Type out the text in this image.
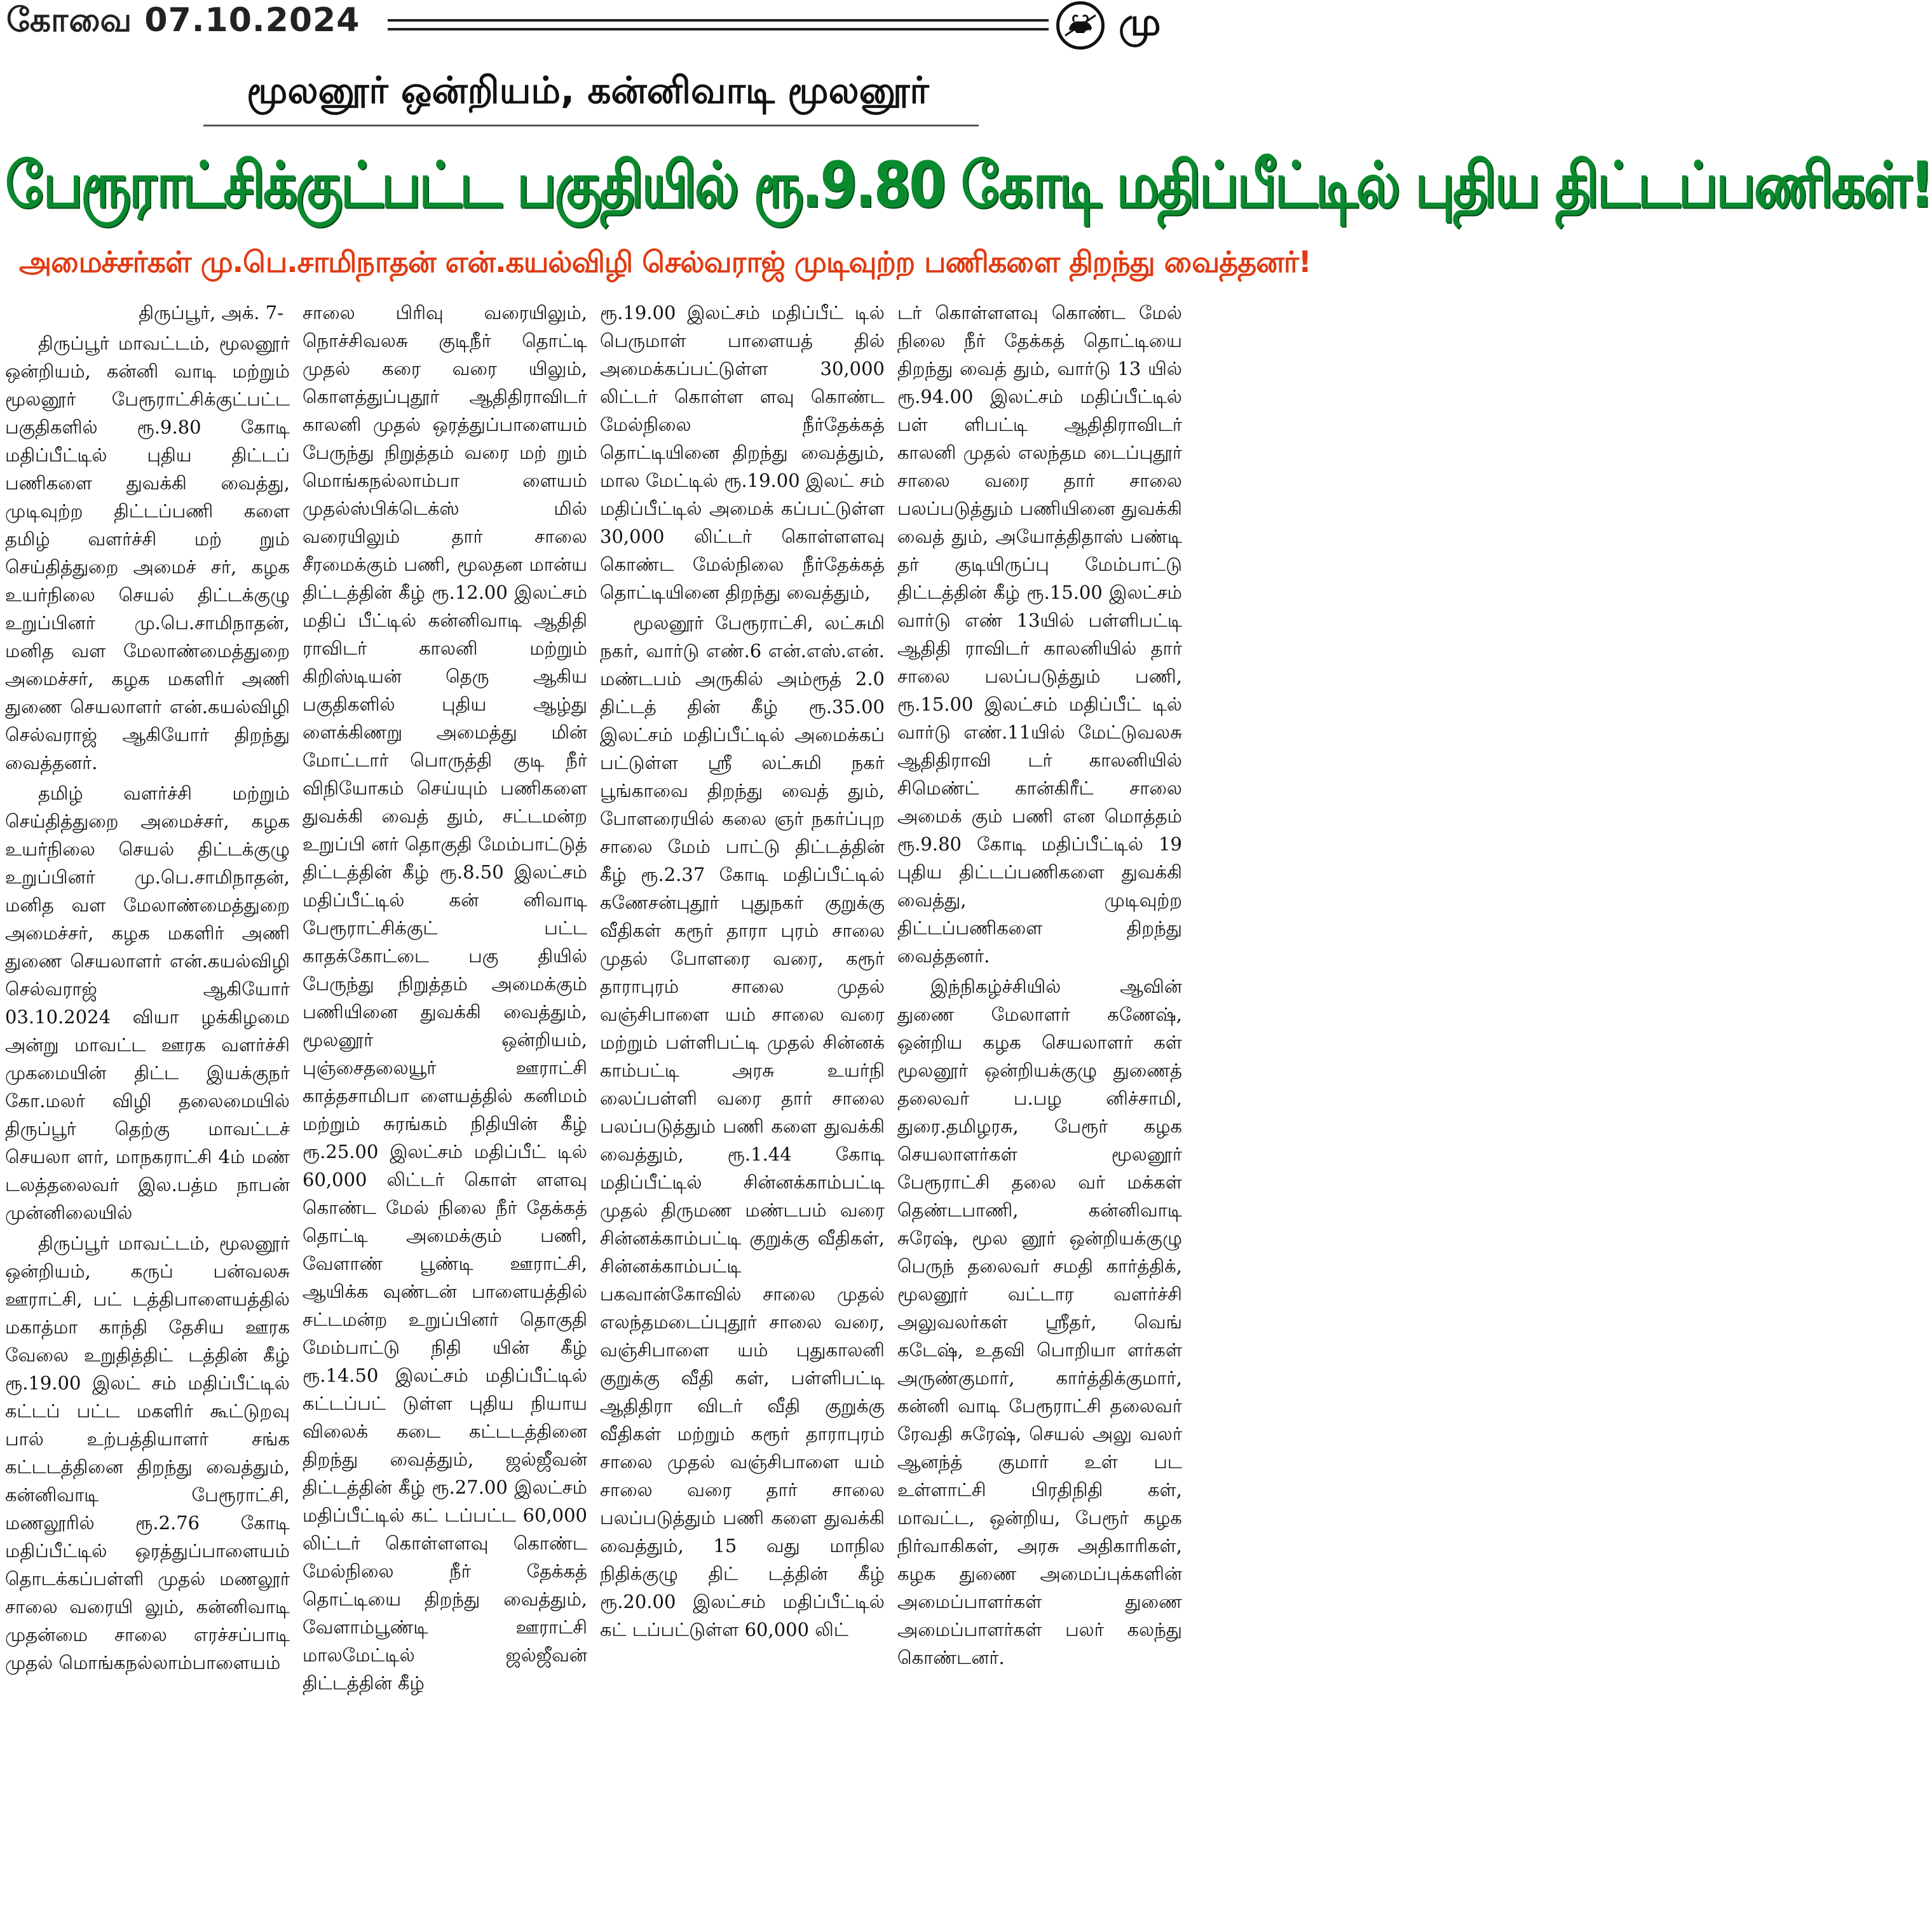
கோவை 07.10.2024	மு
மூலனூர் ஒன்றியம், கன்னிவாடி மூலனூர்
பேரூராட்சிக்குட்பட்ட பகுதியில் ரூ.9.80 கோடி மதிப்பீட்டில் புதிய திட்டப்பணிகள்!
அமைச்சர்கள் மு.பெ.சாமிநாதன் என்.கயல்விழி செல்வராஜ் முடிவுற்ற பணிகளை திறந்து வைத்தனர்!

திருப்பூர், அக். 7-

திருப்பூர் மாவட்டம், மூலனூர் ஒன்றியம், கன்னி வாடி மற்றும் மூலனூர் பேரூராட்சிக்குட்பட்ட பகுதிகளில் ரூ.9.80 கோடி மதிப்பீட்டில் புதிய திட்டப் பணிகளை துவக்கி வைத்து, முடிவுற்ற திட்டப்பணி களை தமிழ் வளர்ச்சி மற் றும் செய்தித்துறை அமைச் சர், கழக உயர்நிலை செயல் திட்டக்குழு உறுப்பினர் மு.பெ.சாமிநாதன், மனித வள மேலாண்மைத்துறை அமைச்சர், கழக மகளிர் அணி துணை செயலாளர் என்.கயல்விழி செல்வராஜ் ஆகியோர் திறந்து வைத்தனர்.

தமிழ் வளர்ச்சி மற்றும் செய்தித்துறை அமைச்சர், கழக உயர்நிலை செயல் திட்டக்குழு உறுப்பினர் மு.பெ.சாமிநாதன், மனித வள மேலாண்மைத்துறை அமைச்சர், கழக மகளிர் அணி துணை செயலாளர் என்.கயல்விழி செல்வராஜ் ஆகியோர் 03.10.2024 வியா ழக்கிழமை அன்று மாவட்ட ஊரக வளர்ச்சி முகமையின் திட்ட இயக்குநர் கோ.மலர் விழி தலைமையில் திருப்பூர் தெற்கு மாவட்டச் செயலா ளர், மாநகராட்சி 4ம் மண் டலத்தலைவர் இல.பத்ம நாபன் முன்னிலையில்

திருப்பூர் மாவட்டம், மூலனூர் ஒன்றியம், கருப் பன்வலசு ஊராட்சி, பட் டத்திபாளையத்தில் மகாத்மா காந்தி தேசிய ஊரக வேலை உறுதித்திட் டத்தின் கீழ் ரூ.19.00 இலட் சம் மதிப்பீட்டில் கட்டப் பட்ட மகளிர் கூட்டுறவு பால் உற்பத்தியாளர் சங்க கட்டடத்தினை திறந்து வைத்தும், கன்னிவாடி பேரூராட்சி, மணலூரில் ரூ.2.76 கோடி மதிப்பீட்டில் ஒரத்துப்பாளையம் தொடக்கப்பள்ளி முதல் மணலூர் சாலை வரையி லும், கன்னிவாடி முதன்மை சாலை எரச்சப்பாடி முதல் மொங்கநல்லாம்பாளையம்

சாலை பிரிவு வரையிலும், நொச்சிவலசு குடிநீர் தொட்டி முதல் கரை வரை யிலும், கொளத்துப்புதூர் ஆதிதிராவிடர் காலனி முதல் ஒரத்துப்பாளையம் பேருந்து நிறுத்தம் வரை மற் றும் மொங்கநல்லாம்பா ளையம் முதல்ஸ்பிக்டெக்ஸ் மில் வரையிலும் தார் சாலை சீரமைக்கும் பணி, மூலதன மான்ய திட்டத்தின் கீழ் ரூ.12.00 இலட்சம் மதிப் பீட்டில் கன்னிவாடி ஆதிதி ராவிடர் காலனி மற்றும் கிறிஸ்டியன் தெரு ஆகிய பகுதிகளில் புதிய ஆழ்து ளைக்கிணறு அமைத்து மின் மோட்டார் பொருத்தி குடி நீர் விநியோகம் செய்யும் பணிகளை துவக்கி வைத் தும், சட்டமன்ற உறுப்பி னர் தொகுதி மேம்பாட்டுத் திட்டத்தின் கீழ் ரூ.8.50 இலட்சம் மதிப்பீட்டில் கன் னிவாடி பேரூராட்சிக்குட் பட்ட காதக்கோட்டை பகு தியில் பேருந்து நிறுத்தம் அமைக்கும் பணியினை துவக்கி வைத்தும், மூலனூர் ஒன்றியம், புஞ்சைதலையூர் ஊராட்சி காத்தசாமிபா ளையத்தில் கனிமம் மற்றும் சுரங்கம் நிதியின் கீழ் ரூ.25.00 இலட்சம் மதிப்பீட் டில் 60,000 லிட்டர் கொள் ளளவு கொண்ட மேல் நிலை நீர் தேக்கத் தொட்டி அமைக்கும் பணி, வேளாண் பூண்டி ஊராட்சி, ஆயிக்க வுண்டன் பாளையத்தில் சட்டமன்ற உறுப்பினர் தொகுதி மேம்பாட்டு நிதி யின் கீழ் ரூ.14.50 இலட்சம் மதிப்பீட்டில் கட்டப்பட் டுள்ள புதிய நியாய விலைக் கடை கட்டடத்தினை திறந்து வைத்தும், ஜல்ஜீவன் திட்டத்தின் கீழ் ரூ.27.00 இலட்சம் மதிப்பீட்டில் கட் டப்பட்ட 60,000 லிட்டர் கொள்ளளவு கொண்ட மேல்நிலை நீர் தேக்கத் தொட்டியை திறந்து வைத்தும், வேளாம்பூண்டி ஊராட்சி மாலமேட்டில் ஜல்ஜீவன் திட்டத்தின் கீழ்

ரூ.19.00 இலட்சம் மதிப்பீட் டில் பெருமாள் பாளையத் தில் அமைக்கப்பட்டுள்ள 30,000 லிட்டர் கொள்ள ளவு கொண்ட மேல்நிலை நீர்தேக்கத் தொட்டியினை திறந்து வைத்தும், மால மேட்டில் ரூ.19.00 இலட் சம் மதிப்பீட்டில் அமைக் கப்பட்டுள்ள 30,000 லிட்டர் கொள்ளளவு கொண்ட மேல்நிலை நீர்தேக்கத் தொட்டியினை திறந்து வைத்தும்,

மூலனூர் பேரூராட்சி, லட்சுமி நகர், வார்டு எண்.6 என்.எஸ்.என். மண்டபம் அருகில் அம்ரூத் 2.0 திட்டத் தின் கீழ் ரூ.35.00 இலட்சம் மதிப்பீட்டில் அமைக்கப் பட்டுள்ள ஸ்ரீ லட்சுமி நகர் பூங்காவை திறந்து வைத் தும், போளரையில் கலை ஞர் நகர்ப்புற சாலை மேம் பாட்டு திட்டத்தின் கீழ் ரூ.2.37 கோடி மதிப்பீட்டில் கணேசன்புதூர் புதுநகர் குறுக்கு வீதிகள் கரூர் தாரா புரம் சாலை முதல் போளரை வரை, கரூர் தாராபுரம் சாலை முதல் வஞ்சிபாளை யம் சாலை வரை மற்றும் பள்ளிபட்டி முதல் சின்னக் காம்பட்டி அரசு உயர்நி லைப்பள்ளி வரை தார் சாலை பலப்படுத்தும் பணி களை துவக்கி வைத்தும், ரூ.1.44 கோடி மதிப்பீட்டில் சின்னக்காம்பட்டி முதல் திருமண மண்டபம் வரை சின்னக்காம்பட்டி குறுக்கு வீதிகள், சின்னக்காம்பட்டி பகவான்கோவில் சாலை முதல் எலந்தமடைப்புதூர் சாலை வரை, வஞ்சிபாளை யம் புதுகாலனி குறுக்கு வீதி கள், பள்ளிபட்டி ஆதிதிரா விடர் வீதி குறுக்கு வீதிகள் மற்றும் கரூர் தாராபுரம் சாலை முதல் வஞ்சிபாளை யம் சாலை வரை தார் சாலை பலப்படுத்தும் பணி களை துவக்கி வைத்தும், 15 வது மாநில நிதிக்குழு திட் டத்தின் கீழ் ரூ.20.00 இலட்சம் மதிப்பீட்டில் கட் டப்பட்டுள்ள 60,000 லிட்

டர் கொள்ளளவு கொண்ட மேல் நிலை நீர் தேக்கத் தொட்டியை திறந்து வைத் தும், வார்டு 13 யில் ரூ.94.00 இலட்சம் மதிப்பீட்டில் பள் ளிபட்டி ஆதிதிராவிடர் காலனி முதல் எலந்தம டைப்புதூர் சாலை வரை தார் சாலை பலப்படுத்தும் பணியினை துவக்கி வைத் தும், அயோத்திதாஸ் பண்டி தர் குடியிருப்பு மேம்பாட்டு திட்டத்தின் கீழ் ரூ.15.00 இலட்சம் வார்டு எண் 13யில் பள்ளிபட்டி ஆதிதி ராவிடர் காலனியில் தார் சாலை பலப்படுத்தும் பணி, ரூ.15.00 இலட்சம் மதிப்பீட் டில் வார்டு எண்.11யில் மேட்டுவலசு ஆதிதிராவி டர் காலனியில் சிமெண்ட் கான்கிரீட் சாலை அமைக் கும் பணி என மொத்தம் ரூ.9.80 கோடி மதிப்பீட்டில் 19 புதிய திட்டப்பணிகளை துவக்கி வைத்து, முடிவுற்ற திட்டப்பணிகளை திறந்து வைத்தனர்.

இந்நிகழ்ச்சியில் ஆவின் துணை மேலாளர் கணேஷ், ஒன்றிய கழக செயலாளர் கள் மூலனூர் ஒன்றியக்குழு துணைத் தலைவர் ப.பழ னிச்சாமி, துரை.தமிழரசு, பேரூர் கழக செயலாளர்கள் மூலனூர் பேரூராட்சி தலை வர் மக்கள் தெண்டபாணி, கன்னிவாடி சுரேஷ், மூல னூர் ஒன்றியக்குழு பெருந் தலைவர் சமதி கார்த்திக், மூலனூர் வட்டார வளர்ச்சி அலுவலர்கள் ஸ்ரீதர், வெங் கடேஷ், உதவி பொறியா ளர்கள் அருண்குமார், கார்த்திக்குமார், கன்னி வாடி பேரூராட்சி தலைவர் ரேவதி சுரேஷ், செயல் அலு வலர் ஆனந்த் குமார் உள் பட உள்ளாட்சி பிரதிநிதி கள், மாவட்ட, ஒன்றிய, பேரூர் கழக நிர்வாகிகள், அரசு அதிகாரிகள், கழக துணை அமைப்புக்களின் அமைப்பாளர்கள் துணை அமைப்பாளர்கள் பலர் கலந்து கொண்டனர்.
